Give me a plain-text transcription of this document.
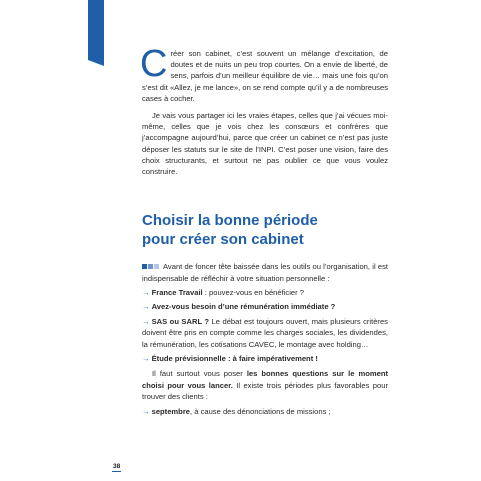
Créer son cabinet, c’est souvent un mélange d’excitation, de doutes et de nuits un peu trop courtes. On a envie de liberté, de sens, parfois d’un meilleur équilibre de vie… mais une fois qu’on s’est dit «Allez, je me lance», on se rend compte qu’il y a de nombreuses cases à cocher.

Je vais vous partager ici les vraies étapes, celles que j’ai vécues moi-même, celles que je vois chez les consœurs et confrères que j’accompagne aujourd’hui, parce que créer un cabinet ce n’est pas juste déposer les statuts sur le site de l’INPI. C’est poser une vision, faire des choix structurants, et surtout ne pas oublier ce que vous voulez construire.

Choisir la bonne période
pour créer son cabinet

Avant de foncer tête baissée dans les outils ou l’organisation, il est indispensable de réfléchir à votre situation personnelle :

→ France Travail : pouvez-vous en bénéficier ?

→ Avez-vous besoin d’une rémunération immédiate ?

→ SAS ou SARL ? Le débat est toujours ouvert, mais plusieurs critères doivent être pris en compte comme les charges sociales, les dividendes, la rémunération, les cotisations CAVEC, le montage avec holding…

→ Étude prévisionnelle : à faire impérativement !

Il faut surtout vous poser les bonnes questions sur le moment choisi pour vous lancer. Il existe trois périodes plus favorables pour trouver des clients :

→ septembre, à cause des dénonciations de missions ;

38
